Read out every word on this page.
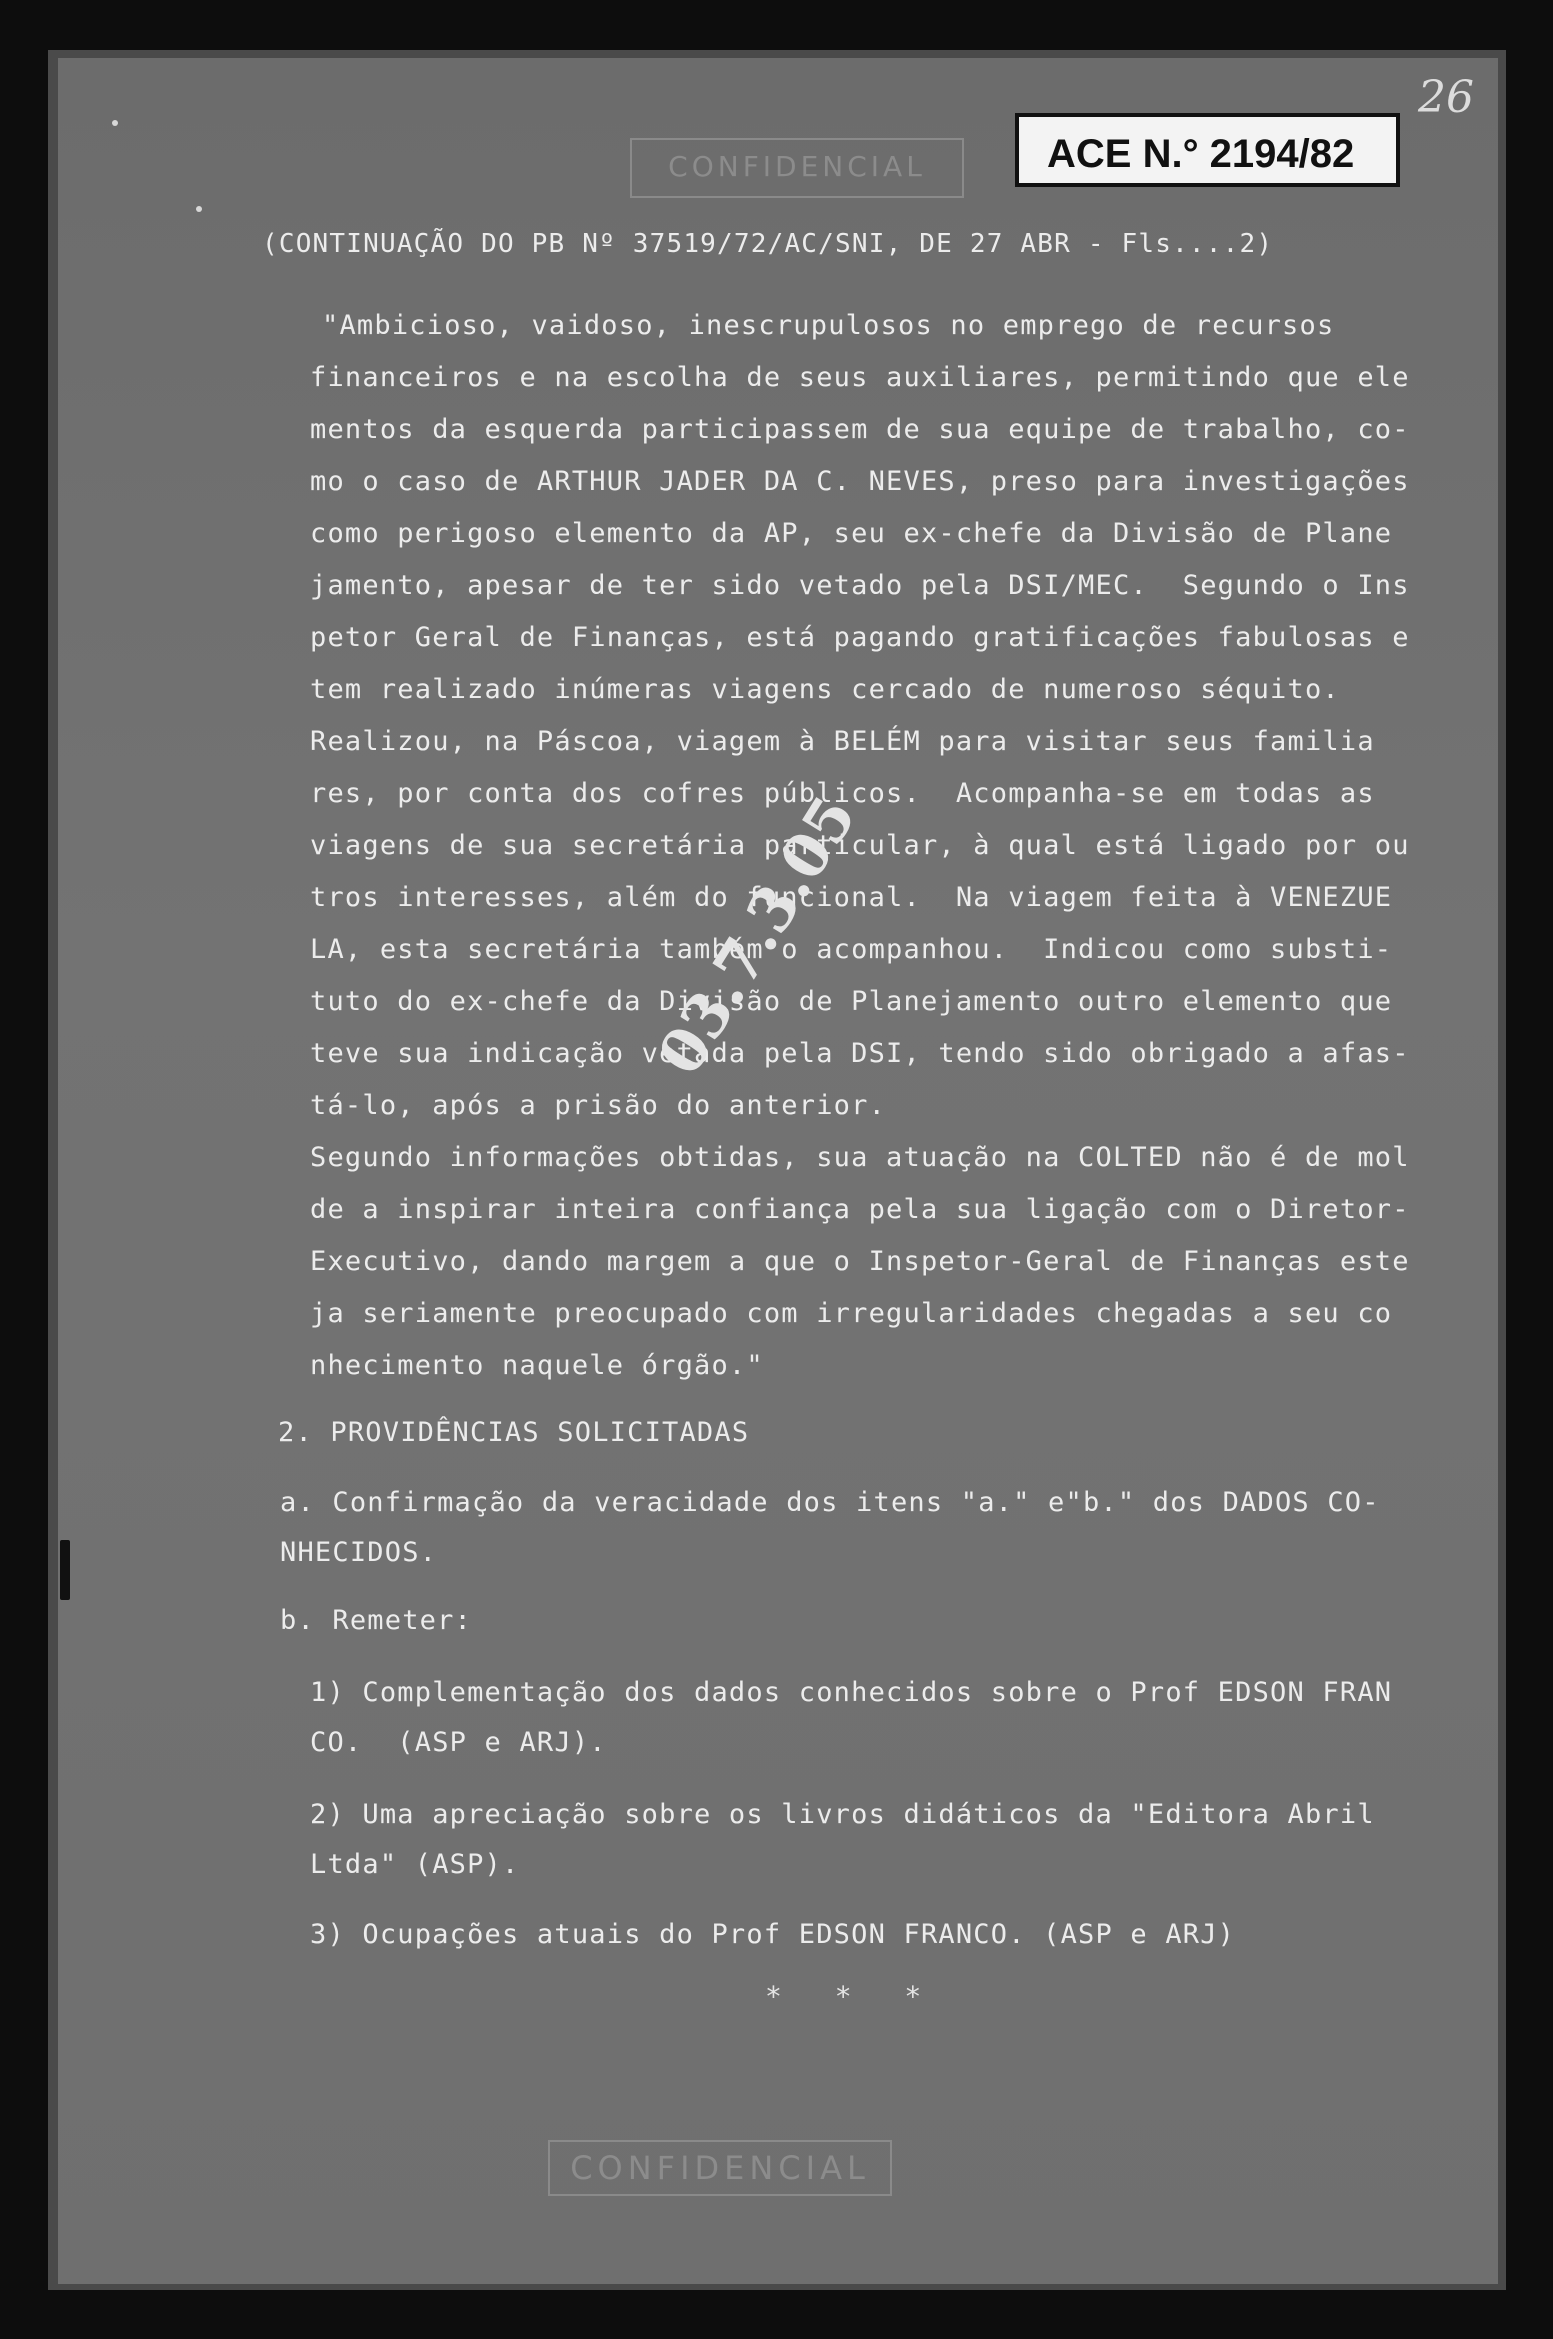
CONFIDENCIAL	ACE N.° 2194/82
26
(CONTINUAÇÃO DO PB Nº 37519/72/AC/SNI, DE 27 ABR - Fls....2)
"Ambicioso, vaidoso, inescrupulosos no emprego de recursos
financeiros e na escolha de seus auxiliares, permitindo que ele
mentos da esquerda participassem de sua equipe de trabalho, co-
mo o caso de ARTHUR JADER DA C. NEVES, preso para investigações
como perigoso elemento da AP, seu ex-chefe da Divisão de Plane
jamento, apesar de ter sido vetado pela DSI/MEC.  Segundo o Ins
petor Geral de Finanças, está pagando gratificações fabulosas e
tem realizado inúmeras viagens cercado de numeroso séquito.
Realizou, na Páscoa, viagem à BELÉM para visitar seus familia
res, por conta dos cofres públicos.  Acompanha-se em todas as
viagens de sua secretária particular, à qual está ligado por ou
tros interesses, além do funcional.  Na viagem feita à VENEZUE
LA, esta secretária também o acompanhou.  Indicou como substi-
tuto do ex-chefe da Divisão de Planejamento outro elemento que
teve sua indicação vetada pela DSI, tendo sido obrigado a afas-
tá-lo, após a prisão do anterior.
Segundo informações obtidas, sua atuação na COLTED não é de mol
de a inspirar inteira confiança pela sua ligação com o Diretor-
Executivo, dando margem a que o Inspetor-Geral de Finanças este
ja seriamente preocupado com irregularidades chegadas a seu co
nhecimento naquele órgão."
03.7.3.05
2. PROVIDÊNCIAS SOLICITADAS
a. Confirmação da veracidade dos itens "a." e"b." dos DADOS CO-
NHECIDOS.
b. Remeter:
1) Complementação dos dados conhecidos sobre o Prof EDSON FRAN
CO.  (ASP e ARJ).
2) Uma apreciação sobre os livros didáticos da "Editora Abril
Ltda" (ASP).
3) Ocupações atuais do Prof EDSON FRANCO. (ASP e ARJ)
* * *
CONFIDENCIAL
